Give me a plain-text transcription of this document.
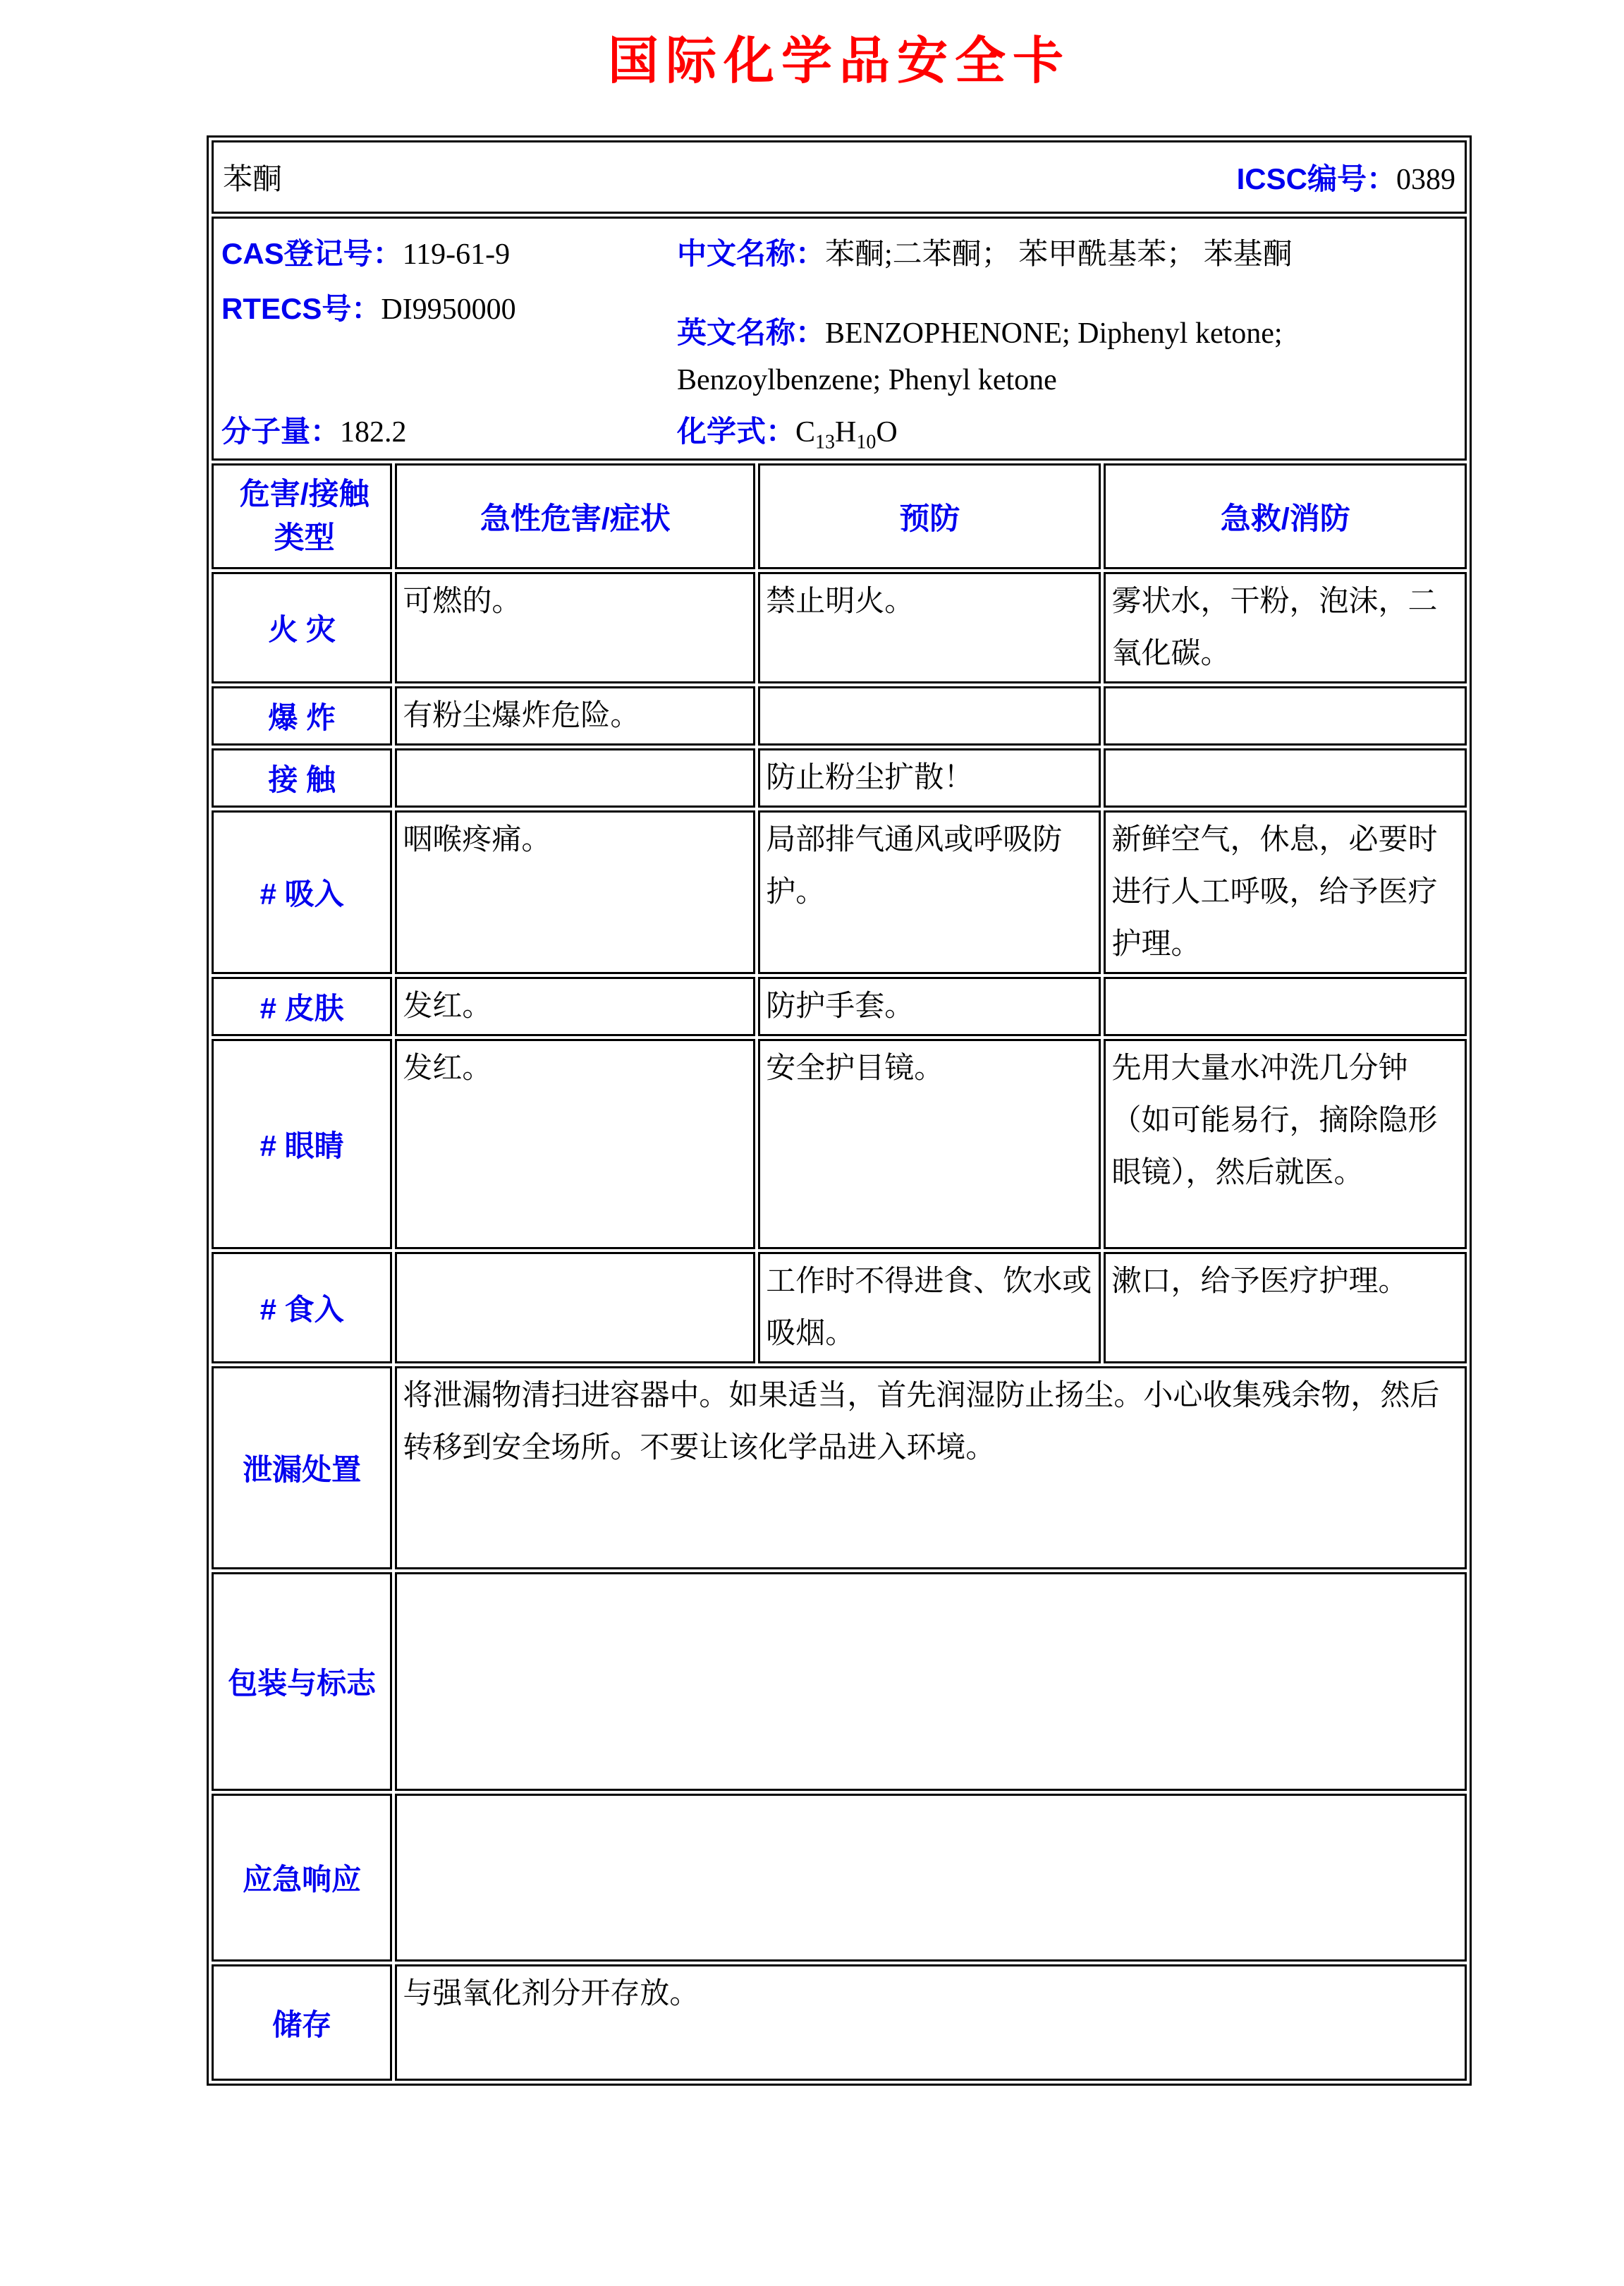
国际化学品安全卡
苯酮 ICSC编号：0389			

CAS登记号：119-61-9
RTECS号：DI9950000
分子量：182.2
中文名称：苯酮;二苯酮； 苯甲酰基苯； 苯基酮
英文名称：BENZOPHENONE; Diphenyl ketone; Benzoylbenzene; Phenyl ketone
化学式：$C_{13}H_{10}O$

危害/接触
类型	急性危害/症状	预防	急救/消防
火 灾	可燃的。	禁止明火。	雾状水，干粉，泡沫，二氧化碳。
爆 炸	有粉尘爆炸危险。		
接 触		防止粉尘扩散！	
# 吸入	咽喉疼痛。	局部排气通风或呼吸防护。	新鲜空气，休息，必要时进行人工呼吸，给予医疗护理。
# 皮肤	发红。	防护手套。	
# 眼睛	发红。	安全护目镜。	先用大量水冲洗几分钟（如可能易行，摘除隐形眼镜），然后就医。
# 食入		工作时不得进食、饮水或吸烟。	漱口，给予医疗护理。
泄漏处置	将泄漏物清扫进容器中。如果适当，首先润湿防止扬尘。小心收集残余物，然后转移到安全场所。不要让该化学品进入环境。		
包装与标志			
应急响应			
储存	与强氧化剂分开存放。		
